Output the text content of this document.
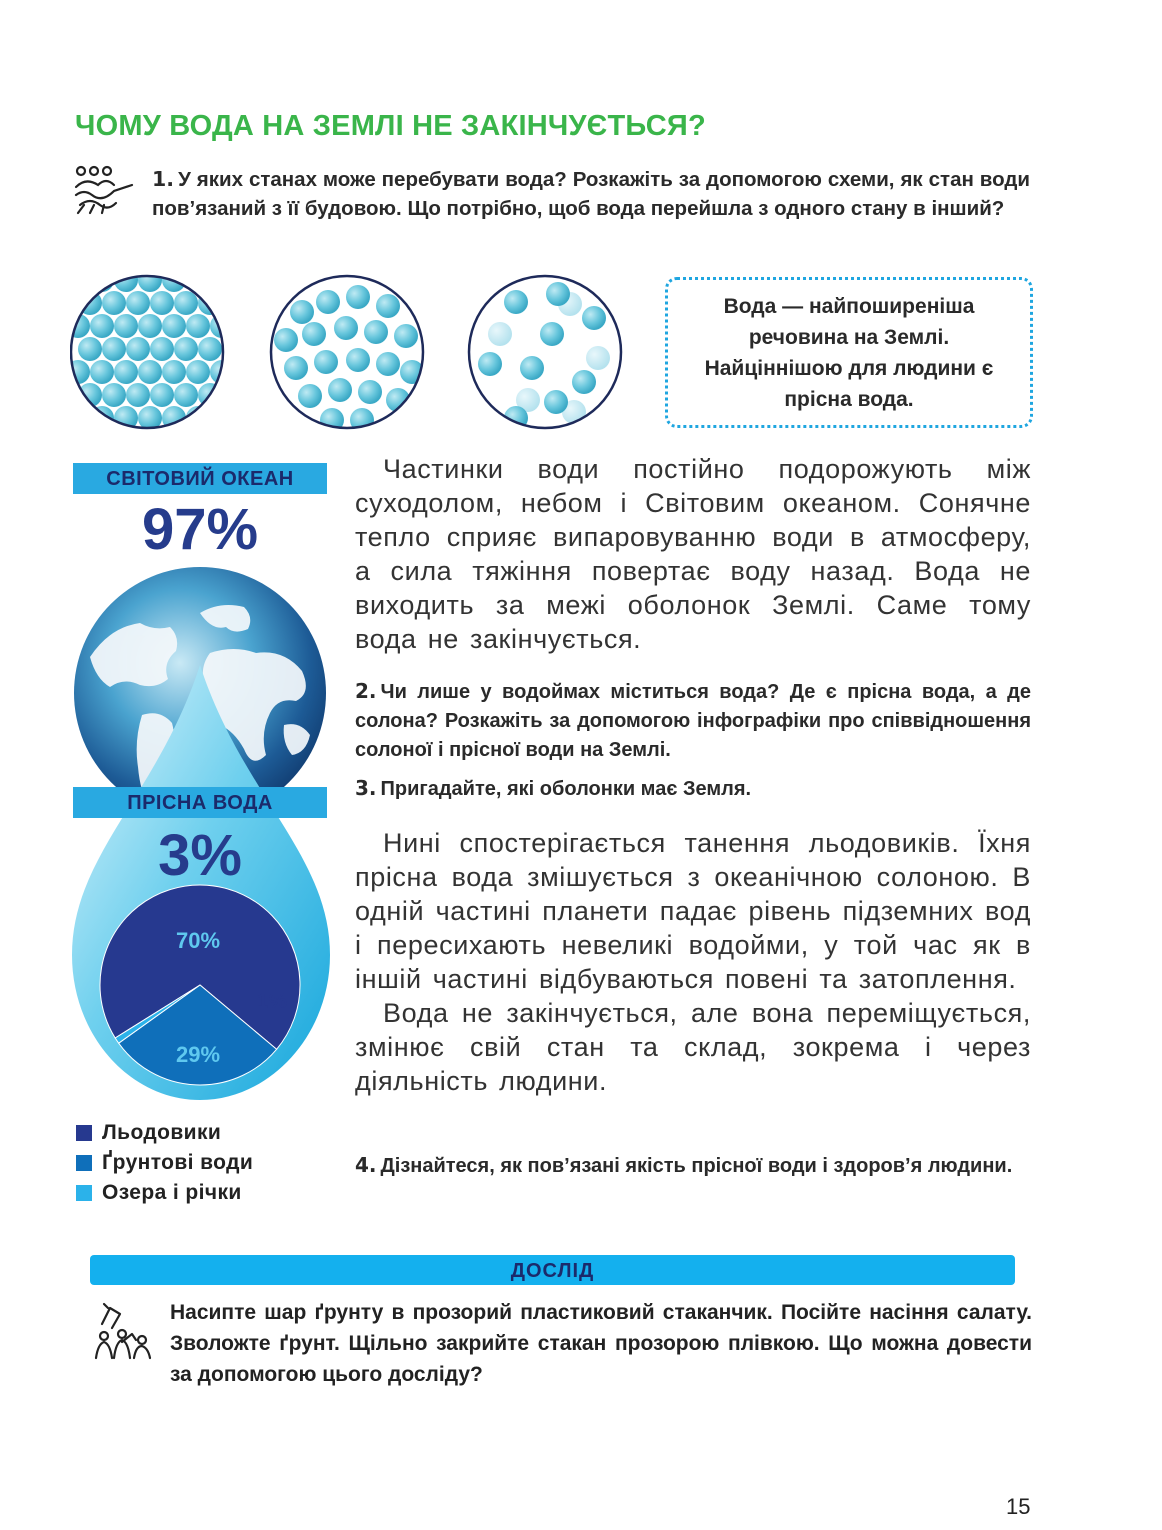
ЧОМУ ВОДА НА ЗЕМЛІ НЕ ЗАКІНЧУЄТЬСЯ?
1. У яких станах може перебувати вода? Розкажіть за допомогою схеми, як стан води пов’язаний з її будовою. Що потрібно, щоб вода перейшла з одного стану в інший?
Вода — найпоширеніша речовина на Землі. Найціннішою для людини є прісна вода.
СВІТОВИЙ ОКЕАН
97%
70%
29%
1%
ПРІСНА ВОДА
3%
Льодовики
Ґрунтові води
Озера і річки

Частинки води постійно подорожують між суходолом, небом і Світовим океаном. Сонячне тепло сприяє випаровуванню води в атмосферу, а сила тяжіння повертає воду назад. Вода не виходить за межі оболонок Землі. Саме тому вода не закінчується.

2. Чи лише у водоймах міститься вода? Де є прісна вода, а де солона? Розкажіть за допомогою інфографіки про співвідношення солоної і прісної води на Землі.
3. Пригадайте, які оболонки має Земля.

Нині спостерігається танення льодовиків. Їхня прісна вода змішується з океанічною солоною. В одній частині планети падає рівень підземних вод і пересихають невеликі водойми, у той час як в іншій частині відбуваються повені та затоплення.

Вода не закінчується, але вона переміщується, змінює свій стан та склад, зокрема і через діяльність людини.

4. Дізнайтеся, як пов’язані якість прісної води і здоров’я людини.
ДОСЛІД
Насипте шар ґрунту в прозорий пластиковий стаканчик. Посійте насіння салату. Зволожте ґрунт. Щільно закрийте стакан прозорою плівкою. Що можна довести за допомогою цього досліду?
15
